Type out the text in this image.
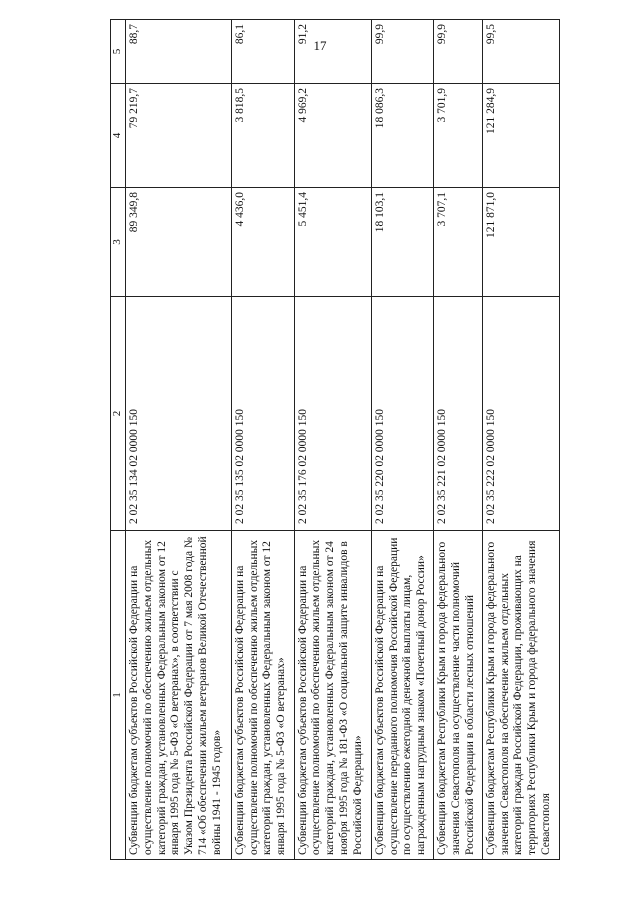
17
1	2	3	4	5
Субвенции бюджетам субъектов Российской Федерации на осуществление полномочий по обеспечению жильем отдельных категорий граждан, установленных Федеральным законом от 12 января 1995 года № 5-ФЗ «О ветеранах», в соответствии с Указом Президента Российской Федерации от 7 мая 2008 года № 714 «Об обеспечении жильем ветеранов Великой Отечественной войны 1941 - 1945 годов»	2 02 35 134 02 0000 150	89 349,8	79 219,7	88,7
Субвенции бюджетам субъектов Российской Федерации на осуществление полномочий по обеспечению жильем отдельных категорий граждан, установленных Федеральным законом от 12 января 1995 года № 5-ФЗ «О ветеранах»	2 02 35 135 02 0000 150	4 436,0	3 818,5	86,1
Субвенции бюджетам субъектов Российской Федерации на осуществление полномочий по обеспечению жильем отдельных категорий граждан, установленных Федеральным законом от 24 ноября 1995 года № 181-ФЗ «О социальной защите инвалидов в Российской Федерации»	2 02 35 176 02 0000 150	5 451,4	4 969,2	91,2
Субвенции бюджетам субъектов Российской Федерации на осуществление переданного полномочия Российской Федерации по осуществлению ежегодной денежной выплаты лицам, награжденным нагрудным знаком «Почетный донор России»	2 02 35 220 02 0000 150	18 103,1	18 086,3	99,9
Субвенции бюджетам Республики Крым и города федерального значения Севастополя на осуществление части полномочий Российской Федерации в области лесных отношений	2 02 35 221 02 0000 150	3 707,1	3 701,9	99,9
Субвенции бюджетам Республики Крым и города федерального значения Севастополя на обеспечение жильем отдельных категорий граждан Российской Федерации, проживающих на территориях Республики Крым и города федерального значения Севастополя	2 02 35 222 02 0000 150	121 871,0	121 284,9	99,5
